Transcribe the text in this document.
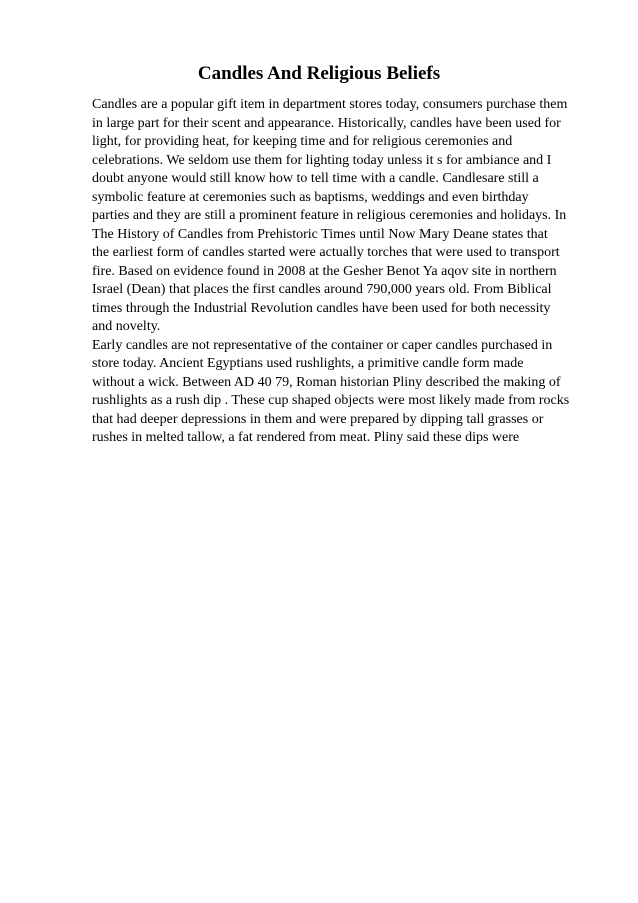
Candles And Religious Beliefs
Candles are a popular gift item in department stores today, consumers purchase them
in large part for their scent and appearance. Historically, candles have been used for
light, for providing heat, for keeping time and for religious ceremonies and
celebrations. We seldom use them for lighting today unless it s for ambiance and I
doubt anyone would still know how to tell time with a candle. Candlesare still a
symbolic feature at ceremonies such as baptisms, weddings and even birthday
parties and they are still a prominent feature in religious ceremonies and holidays. In
The History of Candles from Prehistoric Times until Now Mary Deane states that
the earliest form of candles started were actually torches that were used to transport
fire. Based on evidence found in 2008 at the Gesher Benot Ya aqov site in northern
Israel (Dean) that places the first candles around 790,000 years old. From Biblical
times through the Industrial Revolution candles have been used for both necessity
and novelty.
Early candles are not representative of the container or caper candles purchased in
store today. Ancient Egyptians used rushlights, a primitive candle form made
without a wick. Between AD 40 79, Roman historian Pliny described the making of
rushlights as a rush dip . These cup shaped objects were most likely made from rocks
that had deeper depressions in them and were prepared by dipping tall grasses or
rushes in melted tallow, a fat rendered from meat. Pliny said these dips were
